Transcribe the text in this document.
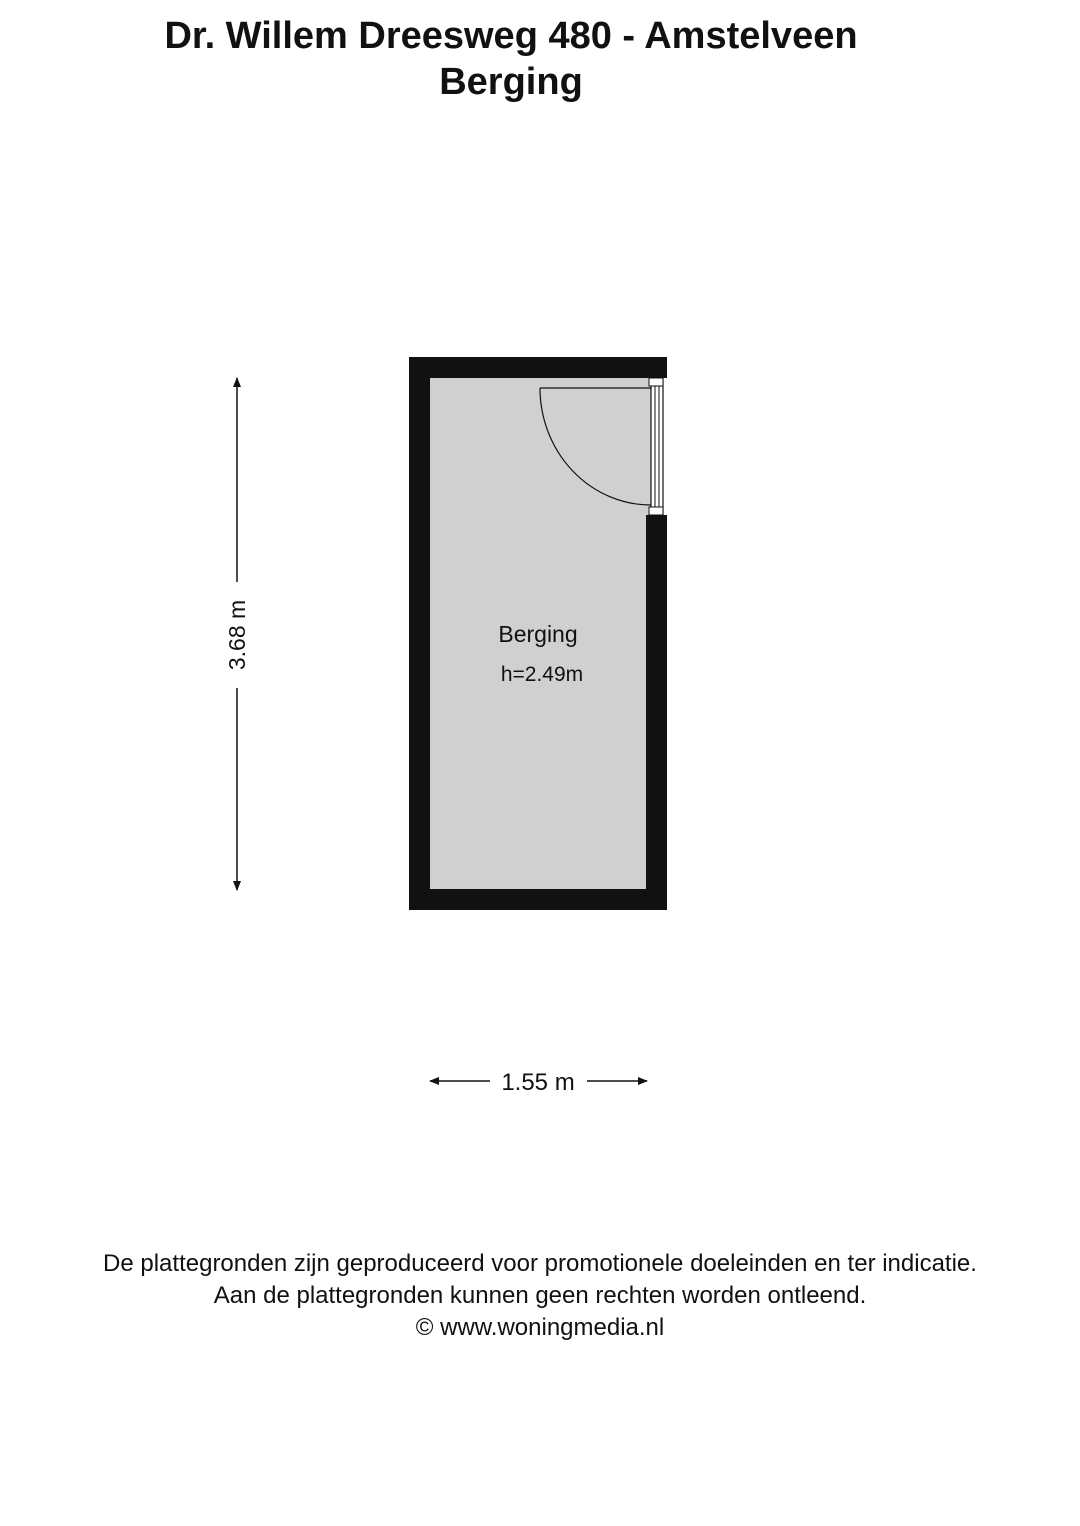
Dr. Willem Dreesweg 480 - Amstelveen
Berging
Berging
h=2.49m
3.68 m
1.55 m

De plattegronden zijn geproduceerd voor promotionele doeleinden en ter indicatie.

Aan de plattegronden kunnen geen rechten worden ontleend.

© www.woningmedia.nl
